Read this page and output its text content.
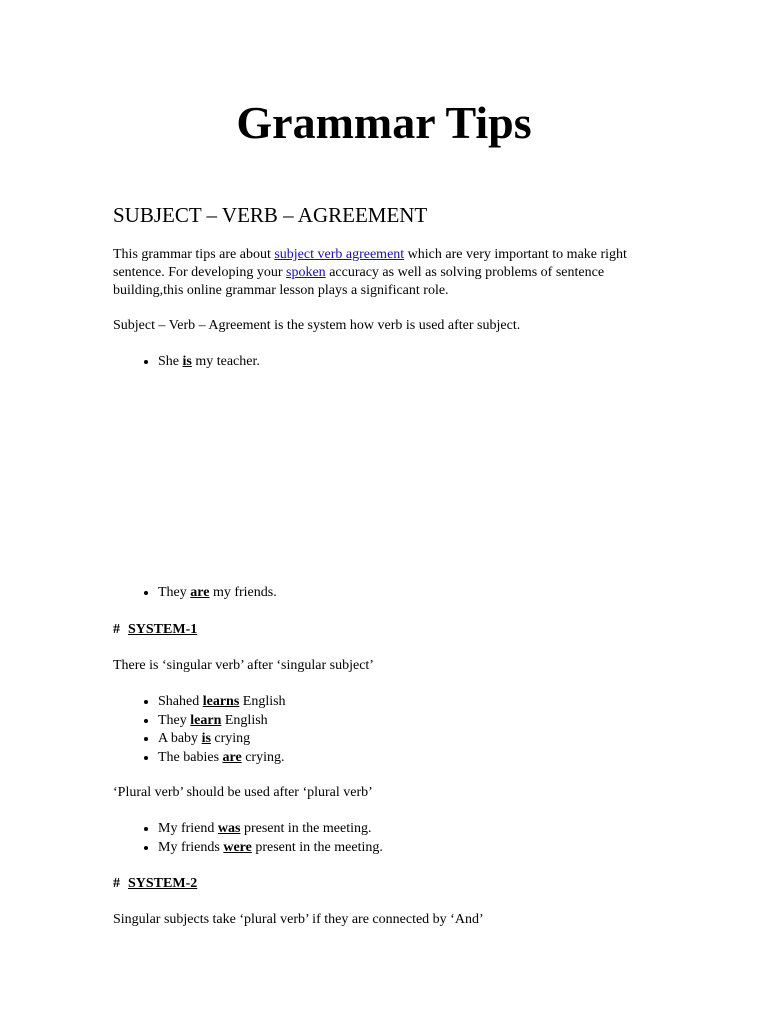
Grammar Tips
SUBJECT – VERB – AGREEMENT
This grammar tips are about subject verb agreement which are very important to make right sentence. For developing your spoken accuracy as well as solving problems of sentence building,this online grammar lesson plays a significant role.
Subject – Verb – Agreement is the system how verb is used after subject.
• She is my teacher.
• They are my friends.
# SYSTEM-1
There is ‘singular verb’ after ‘singular subject’
• Shahed learns English
• They learn English
• A baby is crying
• The babies are crying.
‘Plural verb’ should be used after ‘plural verb’
• My friend was present in the meeting.
• My friends were present in the meeting.
# SYSTEM-2
Singular subjects take ‘plural verb’ if they are connected by ‘And’
